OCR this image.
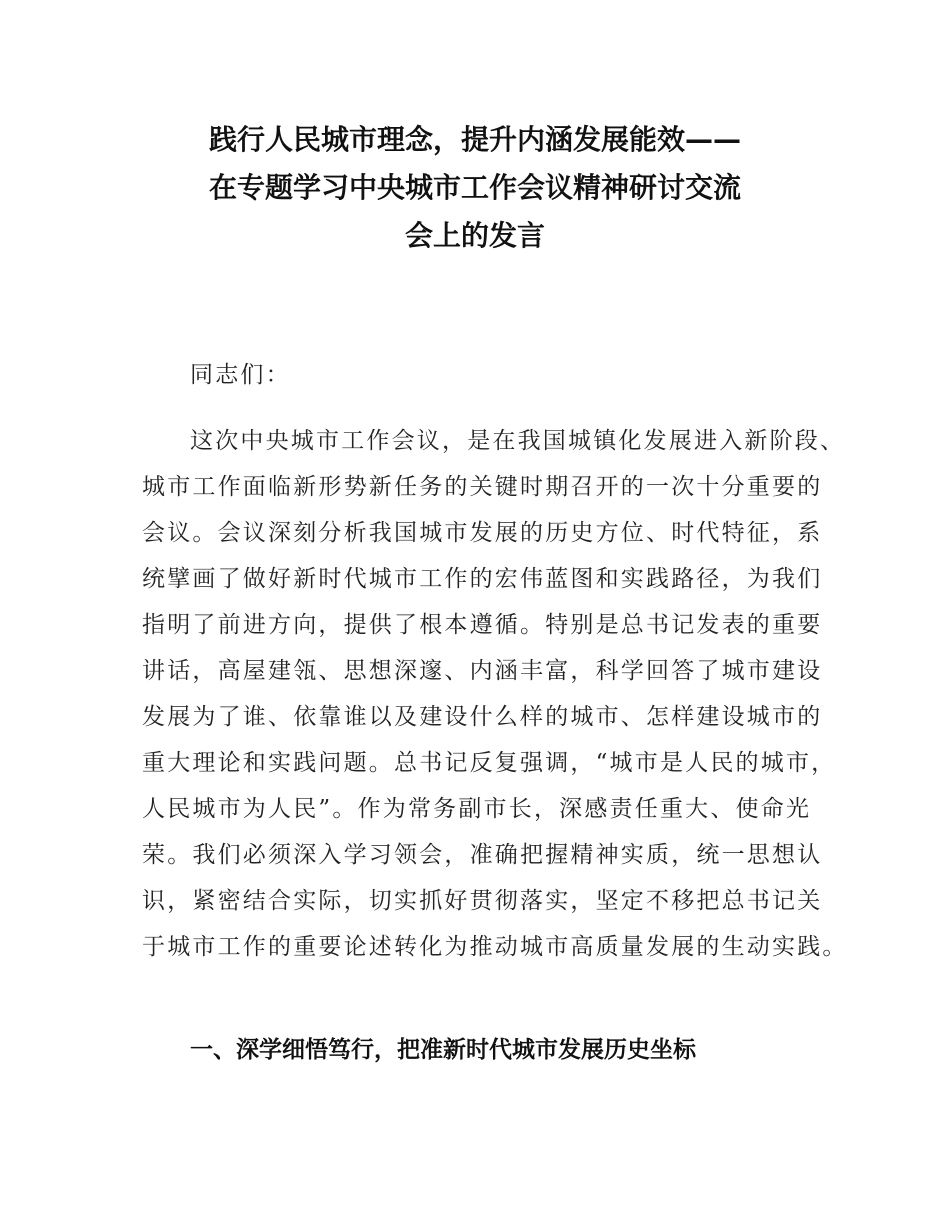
践行人民城市理念，提升内涵发展能效——
在专题学习中央城市工作会议精神研讨交流
会上的发言

同志们：

这次中央城市工作会议，是在我国城镇化发展进入新阶段、
城市工作面临新形势新任务的关键时期召开的一次十分重要的
会议。会议深刻分析我国城市发展的历史方位、时代特征，系
统擘画了做好新时代城市工作的宏伟蓝图和实践路径，为我们
指明了前进方向，提供了根本遵循。特别是总书记发表的重要
讲话，高屋建瓴、思想深邃、内涵丰富，科学回答了城市建设
发展为了谁、依靠谁以及建设什么样的城市、怎样建设城市的
重大理论和实践问题。总书记反复强调，“城市是人民的城市，
人民城市为人民”。作为常务副市长，深感责任重大、使命光
荣。我们必须深入学习领会，准确把握精神实质，统一思想认
识，紧密结合实际，切实抓好贯彻落实，坚定不移把总书记关
于城市工作的重要论述转化为推动城市高质量发展的生动实践。
一、深学细悟笃行，把准新时代城市发展历史坐标
